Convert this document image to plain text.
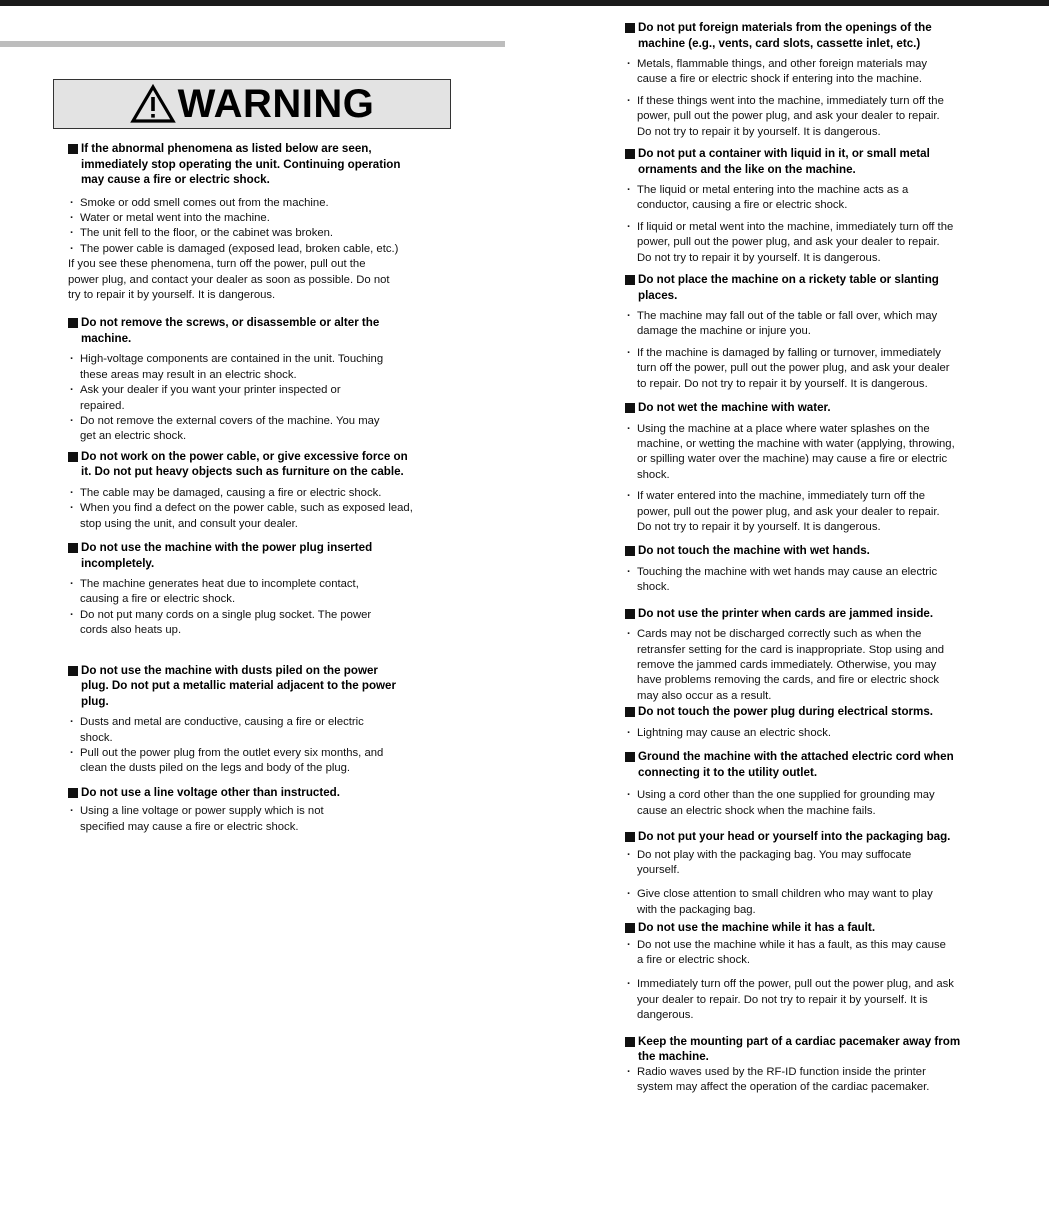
WARNING
If the abnormal phenomena as listed below are seen, immediately stop operating the unit. Continuing operation may cause a fire or electric shock.
· Smoke or odd smell comes out from the machine.
· Water or metal went into the machine.
· The unit fell to the floor, or the cabinet was broken.
· The power cable is damaged (exposed lead, broken cable, etc.)
If you see these phenomena, turn off the power, pull out the power plug, and contact your dealer as soon as possible. Do not try to repair it by yourself. It is dangerous.
Do not remove the screws, or disassemble or alter the machine.
· High-voltage components are contained in the unit. Touching these areas may result in an electric shock.
· Ask your dealer if you want your printer inspected or repaired.
· Do not remove the external covers of the machine. You may get an electric shock.
Do not work on the power cable, or give excessive force on it. Do not put heavy objects such as furniture on the cable.
· The cable may be damaged, causing a fire or electric shock.
· When you find a defect on the power cable, such as exposed lead, stop using the unit, and consult your dealer.
Do not use the machine with the power plug inserted incompletely.
· The machine generates heat due to incomplete contact, causing a fire or electric shock.
· Do not put many cords on a single plug socket. The power cords also heats up.
Do not use the machine with dusts piled on the power plug. Do not put a metallic material adjacent to the power plug.
· Dusts and metal are conductive, causing a fire or electric shock.
· Pull out the power plug from the outlet every six months, and clean the dusts piled on the legs and body of the plug.
Do not use a line voltage other than instructed.
· Using a line voltage or power supply which is not specified may cause a fire or electric shock.
Do not put foreign materials from the openings of the machine (e.g., vents, card slots, cassette inlet, etc.)
· Metals, flammable things, and other foreign materials may cause a fire or electric shock if entering into the machine.
· If these things went into the machine, immediately turn off the power, pull out the power plug, and ask your dealer to repair. Do not try to repair it by yourself. It is dangerous.
Do not put a container with liquid in it, or small metal ornaments and the like on the machine.
· The liquid or metal entering into the machine acts as a conductor, causing a fire or electric shock.
· If liquid or metal went into the machine, immediately turn off the power, pull out the power plug, and ask your dealer to repair. Do not try to repair it by yourself. It is dangerous.
Do not place the machine on a rickety table or slanting places.
· The machine may fall out of the table or fall over, which may damage the machine or injure you.
· If the machine is damaged by falling or turnover, immediately turn off the power, pull out the power plug, and ask your dealer to repair. Do not try to repair it by yourself. It is dangerous.
Do not wet the machine with water.
· Using the machine at a place where water splashes on the machine, or wetting the machine with water (applying, throwing, or spilling water over the machine) may cause a fire or electric shock.
· If water entered into the machine, immediately turn off the power, pull out the power plug, and ask your dealer to repair. Do not try to repair it by yourself. It is dangerous.
Do not touch the machine with wet hands.
· Touching the machine with wet hands may cause an electric shock.
Do not use the printer when cards are jammed inside.
· Cards may not be discharged correctly such as when the retransfer setting for the card is inappropriate. Stop using and remove the jammed cards immediately. Otherwise, you may have problems removing the cards, and fire or electric shock may also occur as a result.
Do not touch the power plug during electrical storms.
· Lightning may cause an electric shock.
Ground the machine with the attached electric cord when connecting it to the utility outlet.
· Using a cord other than the one supplied for grounding may cause an electric shock when the machine fails.
Do not put your head or yourself into the packaging bag.
· Do not play with the packaging bag. You may suffocate yourself.
· Give close attention to small children who may want to play with the packaging bag.
Do not use the machine while it has a fault.
· Do not use the machine while it has a fault, as this may cause a fire or electric shock.
· Immediately turn off the power, pull out the power plug, and ask your dealer to repair. Do not try to repair it by yourself. It is dangerous.
Keep the mounting part of a cardiac pacemaker away from the machine.
· Radio waves used by the RF-ID function inside the printer system may affect the operation of the cardiac pacemaker.
